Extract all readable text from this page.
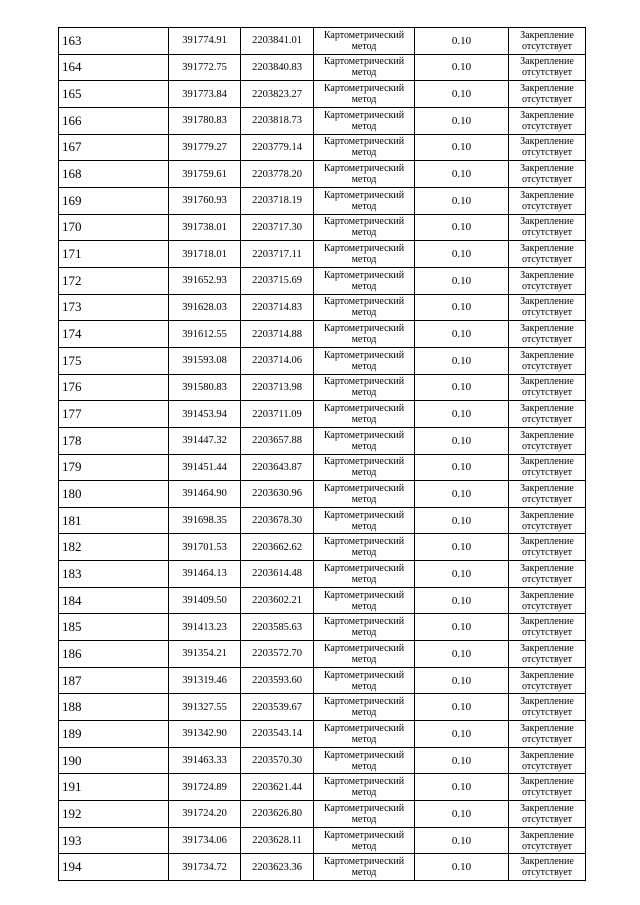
163	391774.91	2203841.01	Картометрический метод	0.10	Закрепление отсутствует
164	391772.75	2203840.83	Картометрический метод	0.10	Закрепление отсутствует
165	391773.84	2203823.27	Картометрический метод	0.10	Закрепление отсутствует
166	391780.83	2203818.73	Картометрический метод	0.10	Закрепление отсутствует
167	391779.27	2203779.14	Картометрический метод	0.10	Закрепление отсутствует
168	391759.61	2203778.20	Картометрический метод	0.10	Закрепление отсутствует
169	391760.93	2203718.19	Картометрический метод	0.10	Закрепление отсутствует
170	391738.01	2203717.30	Картометрический метод	0.10	Закрепление отсутствует
171	391718.01	2203717.11	Картометрический метод	0.10	Закрепление отсутствует
172	391652.93	2203715.69	Картометрический метод	0.10	Закрепление отсутствует
173	391628.03	2203714.83	Картометрический метод	0.10	Закрепление отсутствует
174	391612.55	2203714.88	Картометрический метод	0.10	Закрепление отсутствует
175	391593.08	2203714.06	Картометрический метод	0.10	Закрепление отсутствует
176	391580.83	2203713.98	Картометрический метод	0.10	Закрепление отсутствует
177	391453.94	2203711.09	Картометрический метод	0.10	Закрепление отсутствует
178	391447.32	2203657.88	Картометрический метод	0.10	Закрепление отсутствует
179	391451.44	2203643.87	Картометрический метод	0.10	Закрепление отсутствует
180	391464.90	2203630.96	Картометрический метод	0.10	Закрепление отсутствует
181	391698.35	2203678.30	Картометрический метод	0.10	Закрепление отсутствует
182	391701.53	2203662.62	Картометрический метод	0.10	Закрепление отсутствует
183	391464.13	2203614.48	Картометрический метод	0.10	Закрепление отсутствует
184	391409.50	2203602.21	Картометрический метод	0.10	Закрепление отсутствует
185	391413.23	2203585.63	Картометрический метод	0.10	Закрепление отсутствует
186	391354.21	2203572.70	Картометрический метод	0.10	Закрепление отсутствует
187	391319.46	2203593.60	Картометрический метод	0.10	Закрепление отсутствует
188	391327.55	2203539.67	Картометрический метод	0.10	Закрепление отсутствует
189	391342.90	2203543.14	Картометрический метод	0.10	Закрепление отсутствует
190	391463.33	2203570.30	Картометрический метод	0.10	Закрепление отсутствует
191	391724.89	2203621.44	Картометрический метод	0.10	Закрепление отсутствует
192	391724.20	2203626.80	Картометрический метод	0.10	Закрепление отсутствует
193	391734.06	2203628.11	Картометрический метод	0.10	Закрепление отсутствует
194	391734.72	2203623.36	Картометрический метод	0.10	Закрепление отсутствует
